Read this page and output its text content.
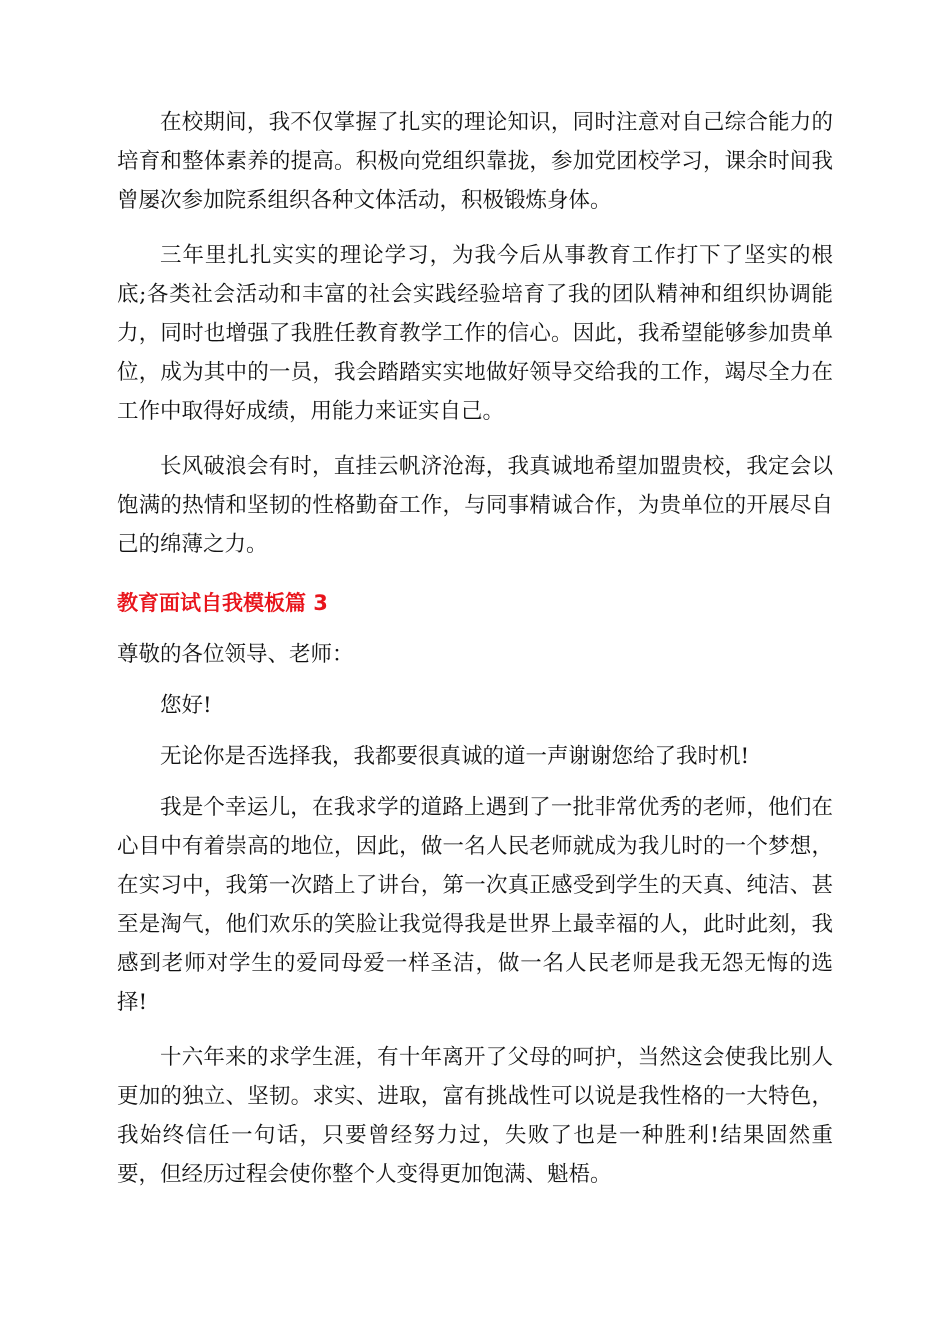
在校期间，我不仅掌握了扎实的理论知识，同时注意对自己综合能力的培育和整体素养的提高。积极向党组织靠拢，参加党团校学习，课余时间我曾屡次参加院系组织各种文体活动，积极锻炼身体。

三年里扎扎实实的理论学习，为我今后从事教育工作打下了坚实的根底;各类社会活动和丰富的社会实践经验培育了我的团队精神和组织协调能力，同时也增强了我胜任教育教学工作的信心。因此，我希望能够参加贵单位，成为其中的一员，我会踏踏实实地做好领导交给我的工作，竭尽全力在工作中取得好成绩，用能力来证实自己。

长风破浪会有时，直挂云帆济沧海，我真诚地希望加盟贵校，我定会以饱满的热情和坚韧的性格勤奋工作，与同事精诚合作，为贵单位的开展尽自己的绵薄之力。

教育面试自我模板篇 3

尊敬的各位领导、老师：

您好!

无论你是否选择我，我都要很真诚的道一声谢谢您给了我时机!

我是个幸运儿，在我求学的道路上遇到了一批非常优秀的老师，他们在心目中有着崇高的地位，因此，做一名人民老师就成为我儿时的一个梦想，在实习中，我第一次踏上了讲台，第一次真正感受到学生的天真、纯洁、甚至是淘气，他们欢乐的笑脸让我觉得我是世界上最幸福的人，此时此刻，我感到老师对学生的爱同母爱一样圣洁，做一名人民老师是我无怨无悔的选择!

十六年来的求学生涯，有十年离开了父母的呵护，当然这会使我比别人更加的独立、坚韧。求实、进取，富有挑战性可以说是我性格的一大特色，我始终信任一句话，只要曾经努力过，失败了也是一种胜利!结果固然重要，但经历过程会使你整个人变得更加饱满、魁梧。
